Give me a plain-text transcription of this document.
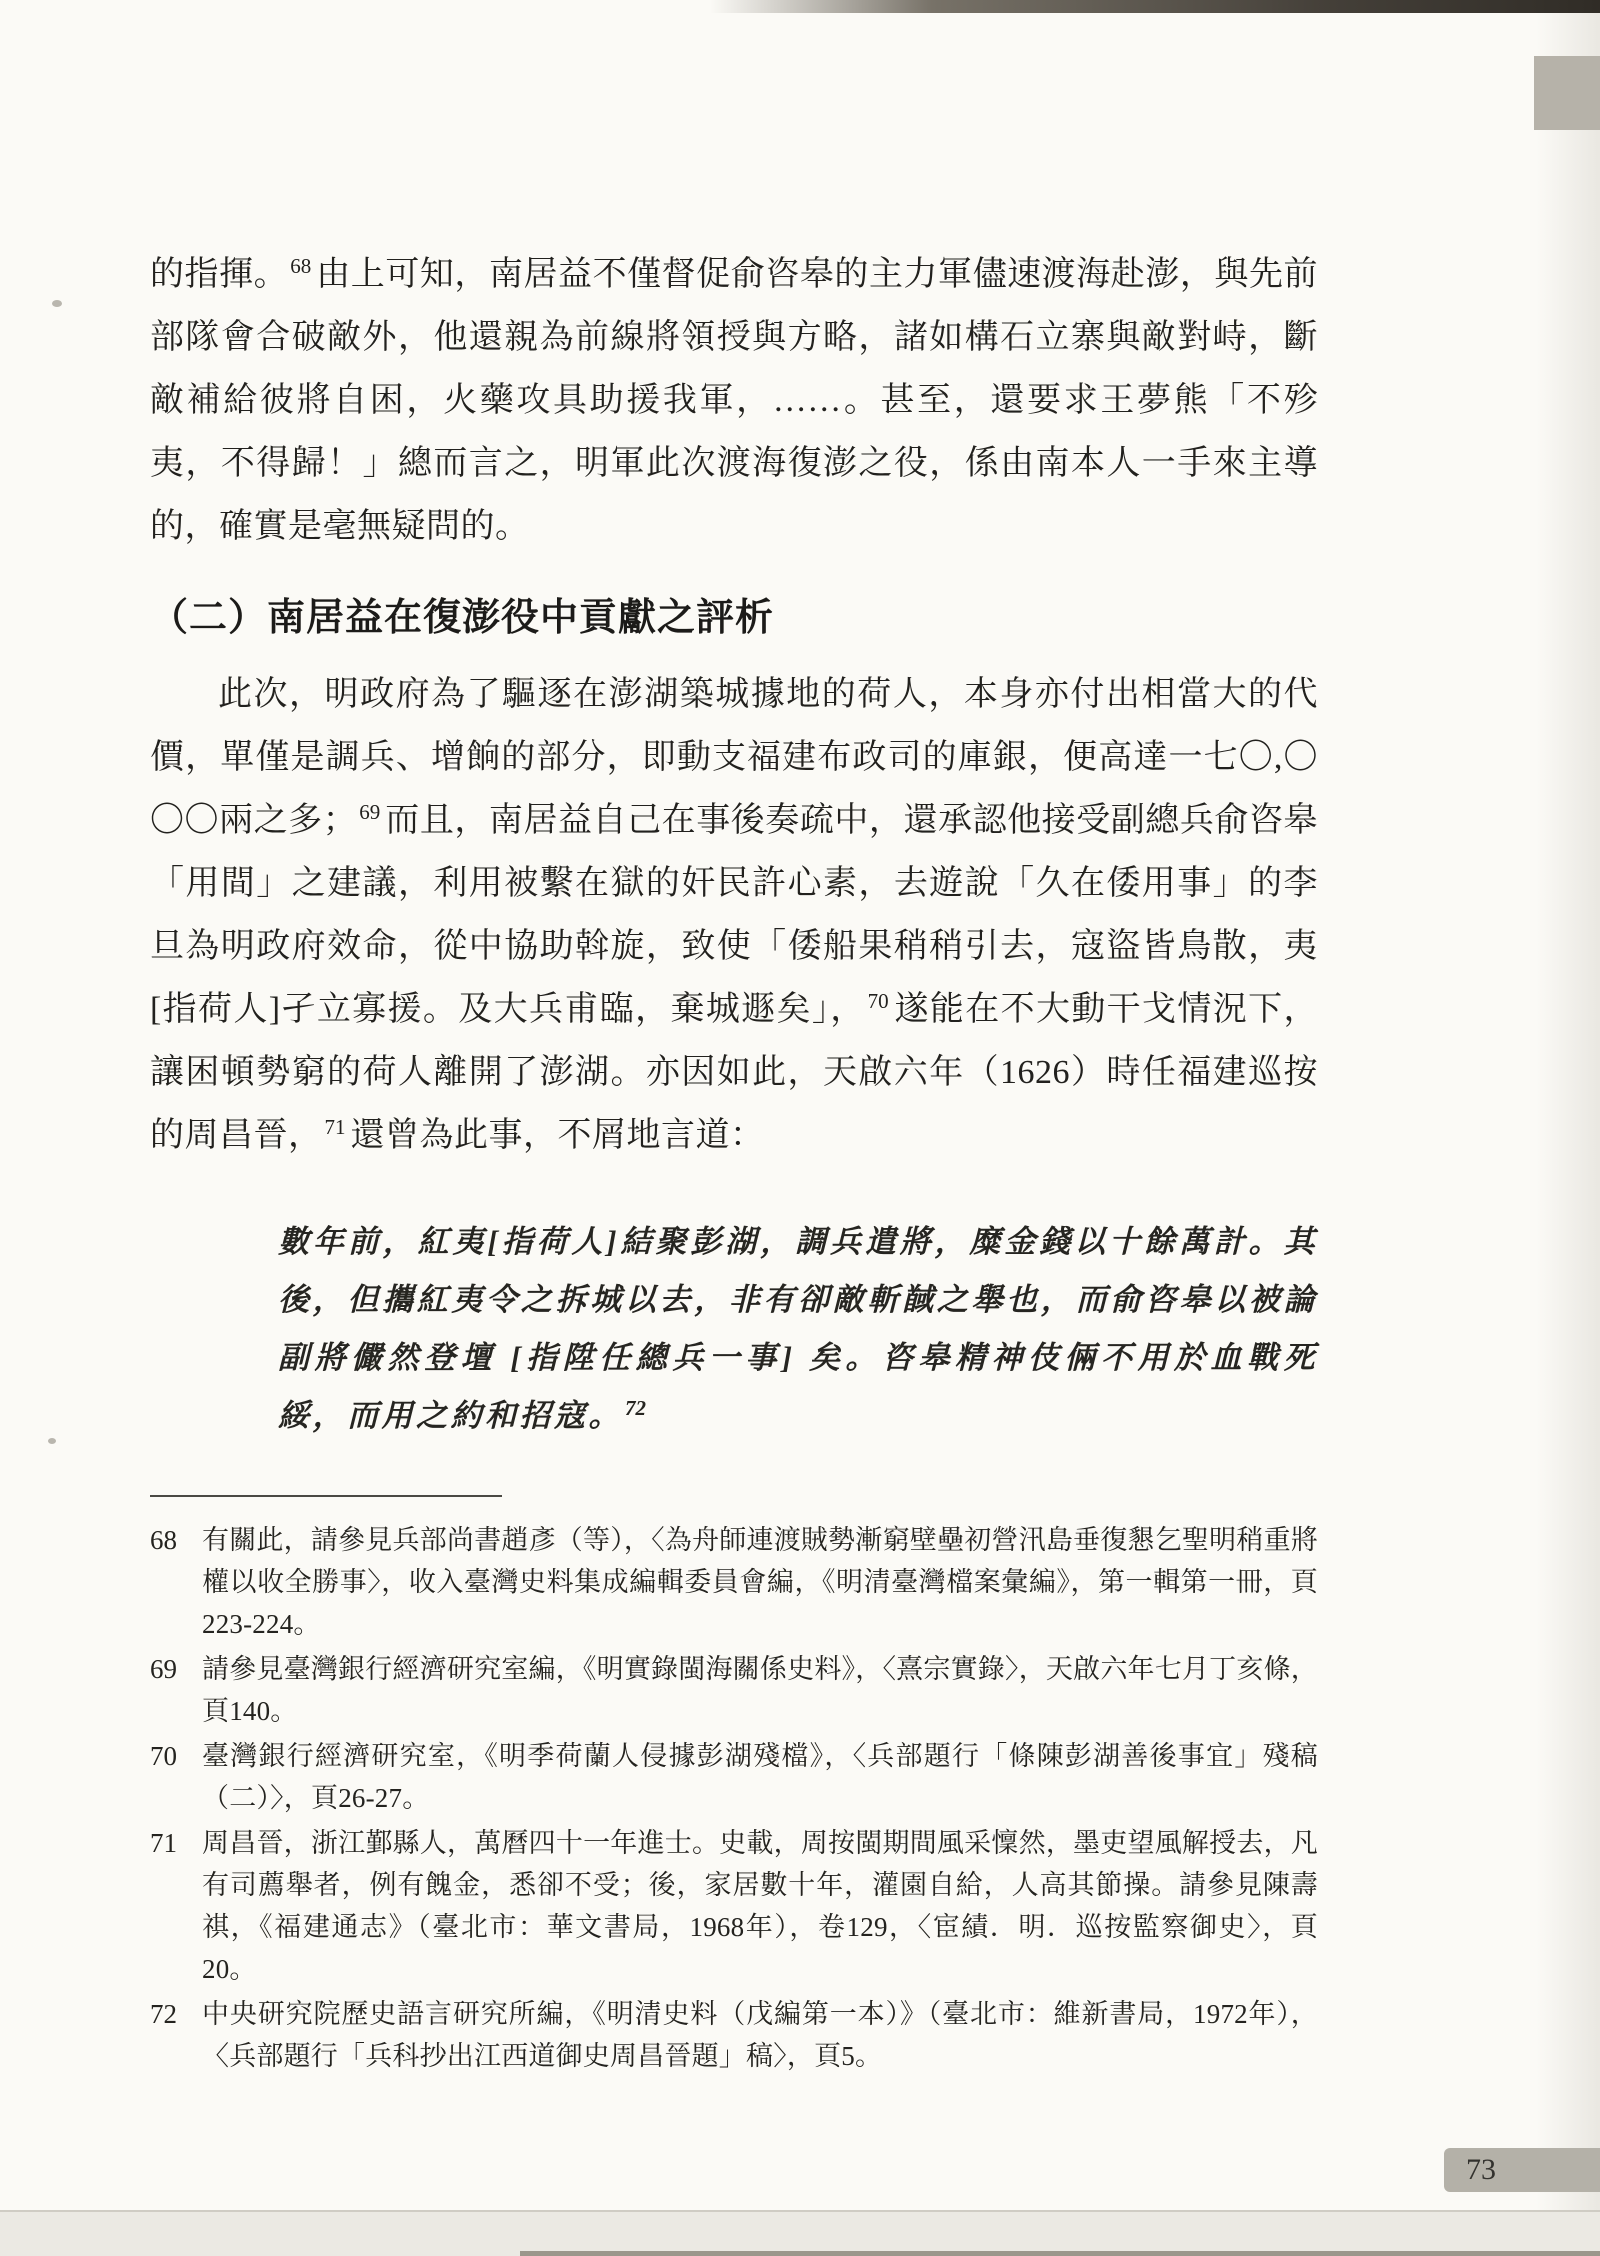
的指揮。$^{68}$ 由上可知，南居益不僅督促俞咨皋的主力軍儘速渡海赴澎，與先前部隊會合破敵外，他還親為前線將領授與方略，諸如構石立寨與敵對峙，斷敵補給彼將自困，火藥攻具助援我軍，……。甚至，還要求王夢熊「不殄夷，不得歸！」總而言之，明軍此次渡海復澎之役，係由南本人一手來主導的，確實是毫無疑問的。

（二）南居益在復澎役中貢獻之評析

此次，明政府為了驅逐在澎湖築城據地的荷人，本身亦付出相當大的代價，單僅是調兵、增餉的部分，即動支福建布政司的庫銀，便高達一七〇,〇〇〇兩之多；$^{69}$ 而且，南居益自己在事後奏疏中，還承認他接受副總兵俞咨皋「用間」之建議，利用被繫在獄的奸民許心素，去遊說「久在倭用事」的李旦為明政府效命，從中協助斡旋，致使「倭船果稍稍引去，寇盜皆鳥散，夷[指荷人]孑立寡援。及大兵甫臨，棄城遯矣」，$^{70}$ 遂能在不大動干戈情況下，讓困頓勢窮的荷人離開了澎湖。亦因如此，天啟六年（1626）時任福建巡按的周昌晉，$^{71}$ 還曾為此事，不屑地言道：

數年前，紅夷[指荷人]結聚彭湖，調兵遣將，糜金錢以十餘萬計。其後，但攜紅夷令之拆城以去，非有卻敵斬馘之舉也，而俞咨皋以被論副將儼然登壇 [指陞任總兵一事] 矣。咨皋精神伎倆不用於血戰死綏，而用之約和招寇。$^{72}$
68 有關此，請參見兵部尚書趙彥（等），〈為舟師連渡賊勢漸窮壁壘初營汛島垂復懇乞聖明稍重將權以收全勝事〉，收入臺灣史料集成編輯委員會編，《明清臺灣檔案彙編》，第一輯第一冊，頁223-224。
69 請參見臺灣銀行經濟研究室編，《明實錄閩海關係史料》，〈熹宗實錄〉，天啟六年七月丁亥條，頁140。
70 臺灣銀行經濟研究室，《明季荷蘭人侵據彭湖殘檔》，〈兵部題行「條陳彭湖善後事宜」殘稿（二）〉，頁26-27。
71 周昌晉，浙江鄞縣人，萬曆四十一年進士。史載，周按閩期間風采懍然，墨吏望風解授去，凡有司薦舉者，例有餽金，悉卻不受；後，家居數十年，灌園自給，人高其節操。請參見陳壽祺，《福建通志》（臺北市：華文書局，1968年），卷129，〈宦績．明．巡按監察御史〉，頁20。
72 中央研究院歷史語言研究所編，《明清史料（戊編第一本）》（臺北市：維新書局，1972年），〈兵部題行「兵科抄出江西道御史周昌晉題」稿〉，頁5。
73
